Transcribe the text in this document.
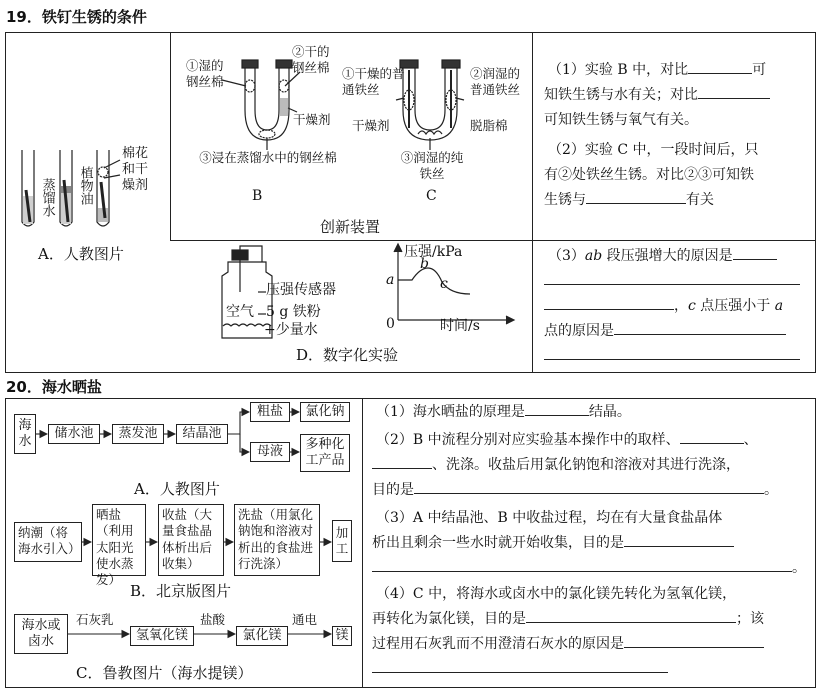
19．铁钉生锈的条件
蒸馏水 植物油
棉花和干燥剂
A．人教图片
①湿的钢丝棉
②干的钢丝棉
干燥剂
③浸在蒸馏水中的钢丝棉
B
①干燥的普通铁丝
②润湿的普通铁丝
干燥剂	脱脂棉
③润湿的纯铁丝
C
创新装置
压强传感器
空气 5 g 铁粉
+少量水
压强/kPa
时间/s
0
a
b
c
D．数字化实验
（1）实验 B 中，对比	可
知铁生锈与水有关；对比
可知铁生锈与氧气有关。
（2）实验 C 中，一段时间后，只
有②处铁丝生锈。对比②③可知铁
生锈与	有关
（3）ab 段压强增大的原因是

，c 点压强小于 a
点的原因是

20．海水晒盐
海水
储水池	蒸发池	结晶池
粗盐	氯化钠
母液	多种化工产品
A．人教图片
纳潮（将海水引入）
晒盐（利用太阳光使水蒸发）
收盐（大量食盐晶体析出后收集）
洗盐（用氯化钠饱和溶液对析出的食盐进行洗涤）
加工
B．北京版图片
海水或卤水	氢氧化镁	氯化镁	镁
石灰乳	盐酸	通电
C．鲁教图片（海水提镁）
（1）海水晒盐的原理是	结晶。
（2）B 中流程分别对应实验基本操作中的取样、	、
、洗涤。收盐后用氯化钠饱和溶液对其进行洗涤，
目的是	。
（3）A 中结晶池、B 中收盐过程，均在有大量食盐晶体
析出且剩余一些水时就开始收集，目的是
。
（4）C 中，将海水或卤水中的氯化镁先转化为氢氧化镁，
再转化为氯化镁，目的是	；该
过程用石灰乳而不用澄清石灰水的原因是
